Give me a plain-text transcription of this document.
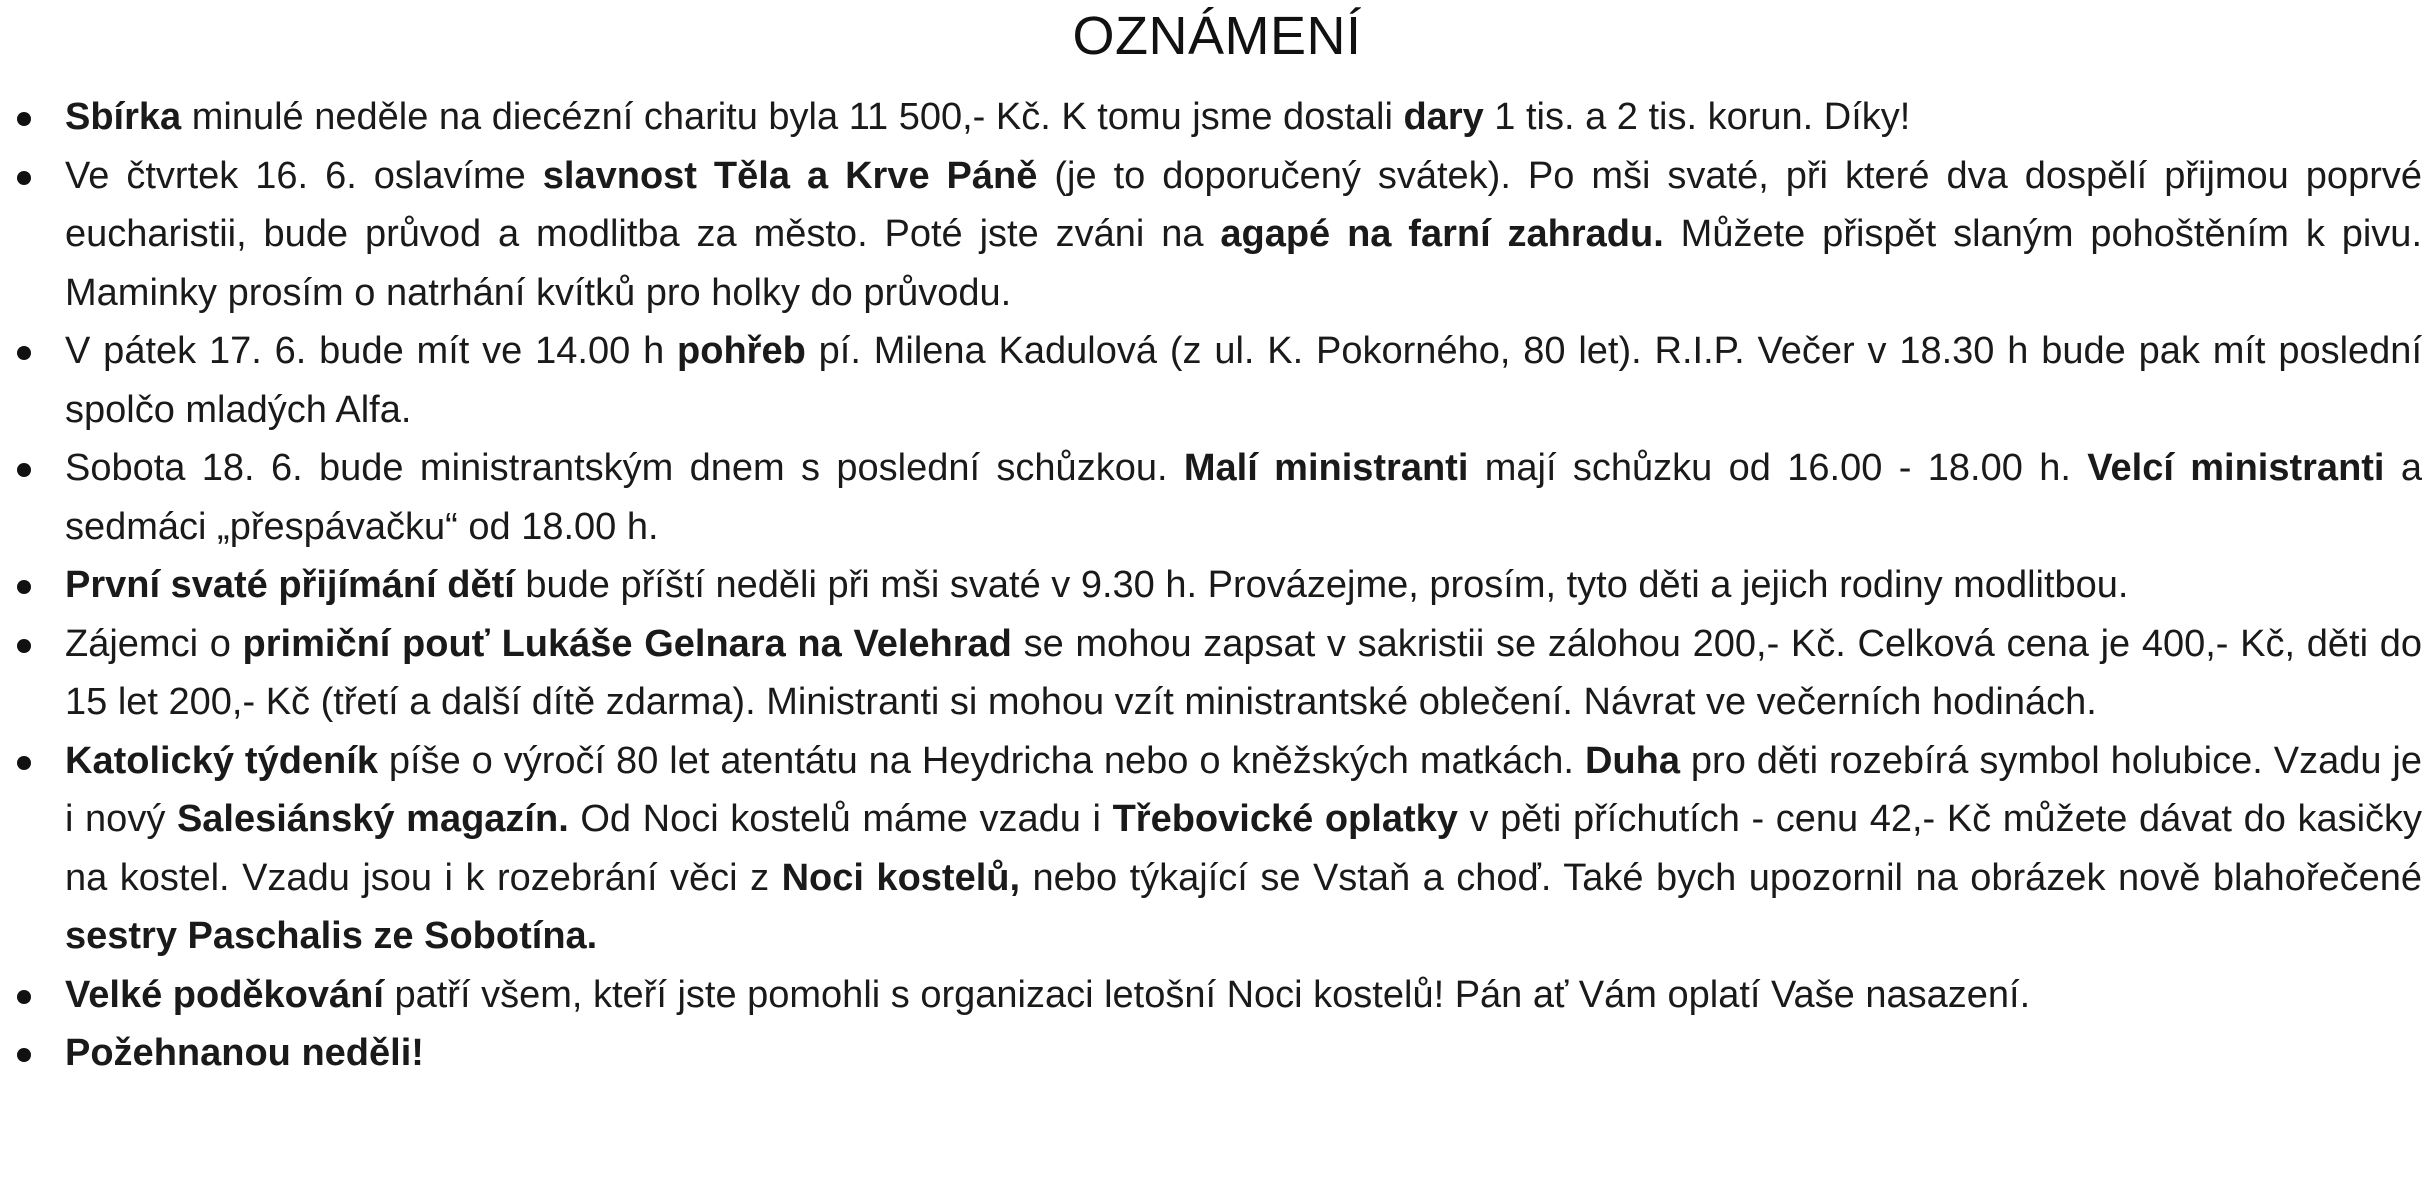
OZNÁMENÍ
Sbírka minulé neděle na diecézní charitu byla 11 500,- Kč. K tomu jsme dostali dary 1 tis. a 2 tis. korun. Díky!
Ve čtvrtek 16. 6. oslavíme slavnost Těla a Krve Páně (je to doporučený svátek). Po mši svaté, při které dva dospělí přijmou poprvé eucharistii, bude průvod a modlitba za město. Poté jste zváni na agapé na farní zahradu. Můžete přispět slaným pohoštěním k pivu. Maminky prosím o natrhání kvítků pro holky do průvodu.
V pátek 17. 6. bude mít ve 14.00 h pohřeb pí. Milena Kadulová (z ul. K. Pokorného, 80 let). R.I.P. Večer v 18.30 h bude pak mít poslední spolčo mladých Alfa.
Sobota 18. 6. bude ministrantským dnem s poslední schůzkou. Malí ministranti mají schůzku od 16.00 - 18.00 h. Velcí ministranti a sedmáci „přespávačku“ od 18.00 h.
První svaté přijímání dětí bude příští neděli při mši svaté v 9.30 h. Provázejme, prosím, tyto děti a jejich rodiny modlitbou.
Zájemci o primiční pouť Lukáše Gelnara na Velehrad se mohou zapsat v sakristii se zálohou 200,- Kč. Celková cena je 400,- Kč, děti do 15 let 200,- Kč (třetí a další dítě zdarma). Ministranti si mohou vzít ministrantské oblečení. Návrat ve večerních hodinách.
Katolický týdeník píše o výročí 80 let atentátu na Heydricha nebo o kněžských matkách. Duha pro děti rozebírá symbol holubice. Vzadu je i nový Salesiánský magazín. Od Noci kostelů máme vzadu i Třebovické oplatky v pěti příchutích - cenu 42,- Kč můžete dávat do kasičky na kostel. Vzadu jsou i k rozebrání věci z Noci kostelů, nebo týkající se Vstaň a choď. Také bych upozornil na obrázek nově blahořečené sestry Paschalis ze Sobotína.
Velké poděkování patří všem, kteří jste pomohli s organizaci letošní Noci kostelů! Pán ať Vám oplatí Vaše nasazení.
Požehnanou neděli!
